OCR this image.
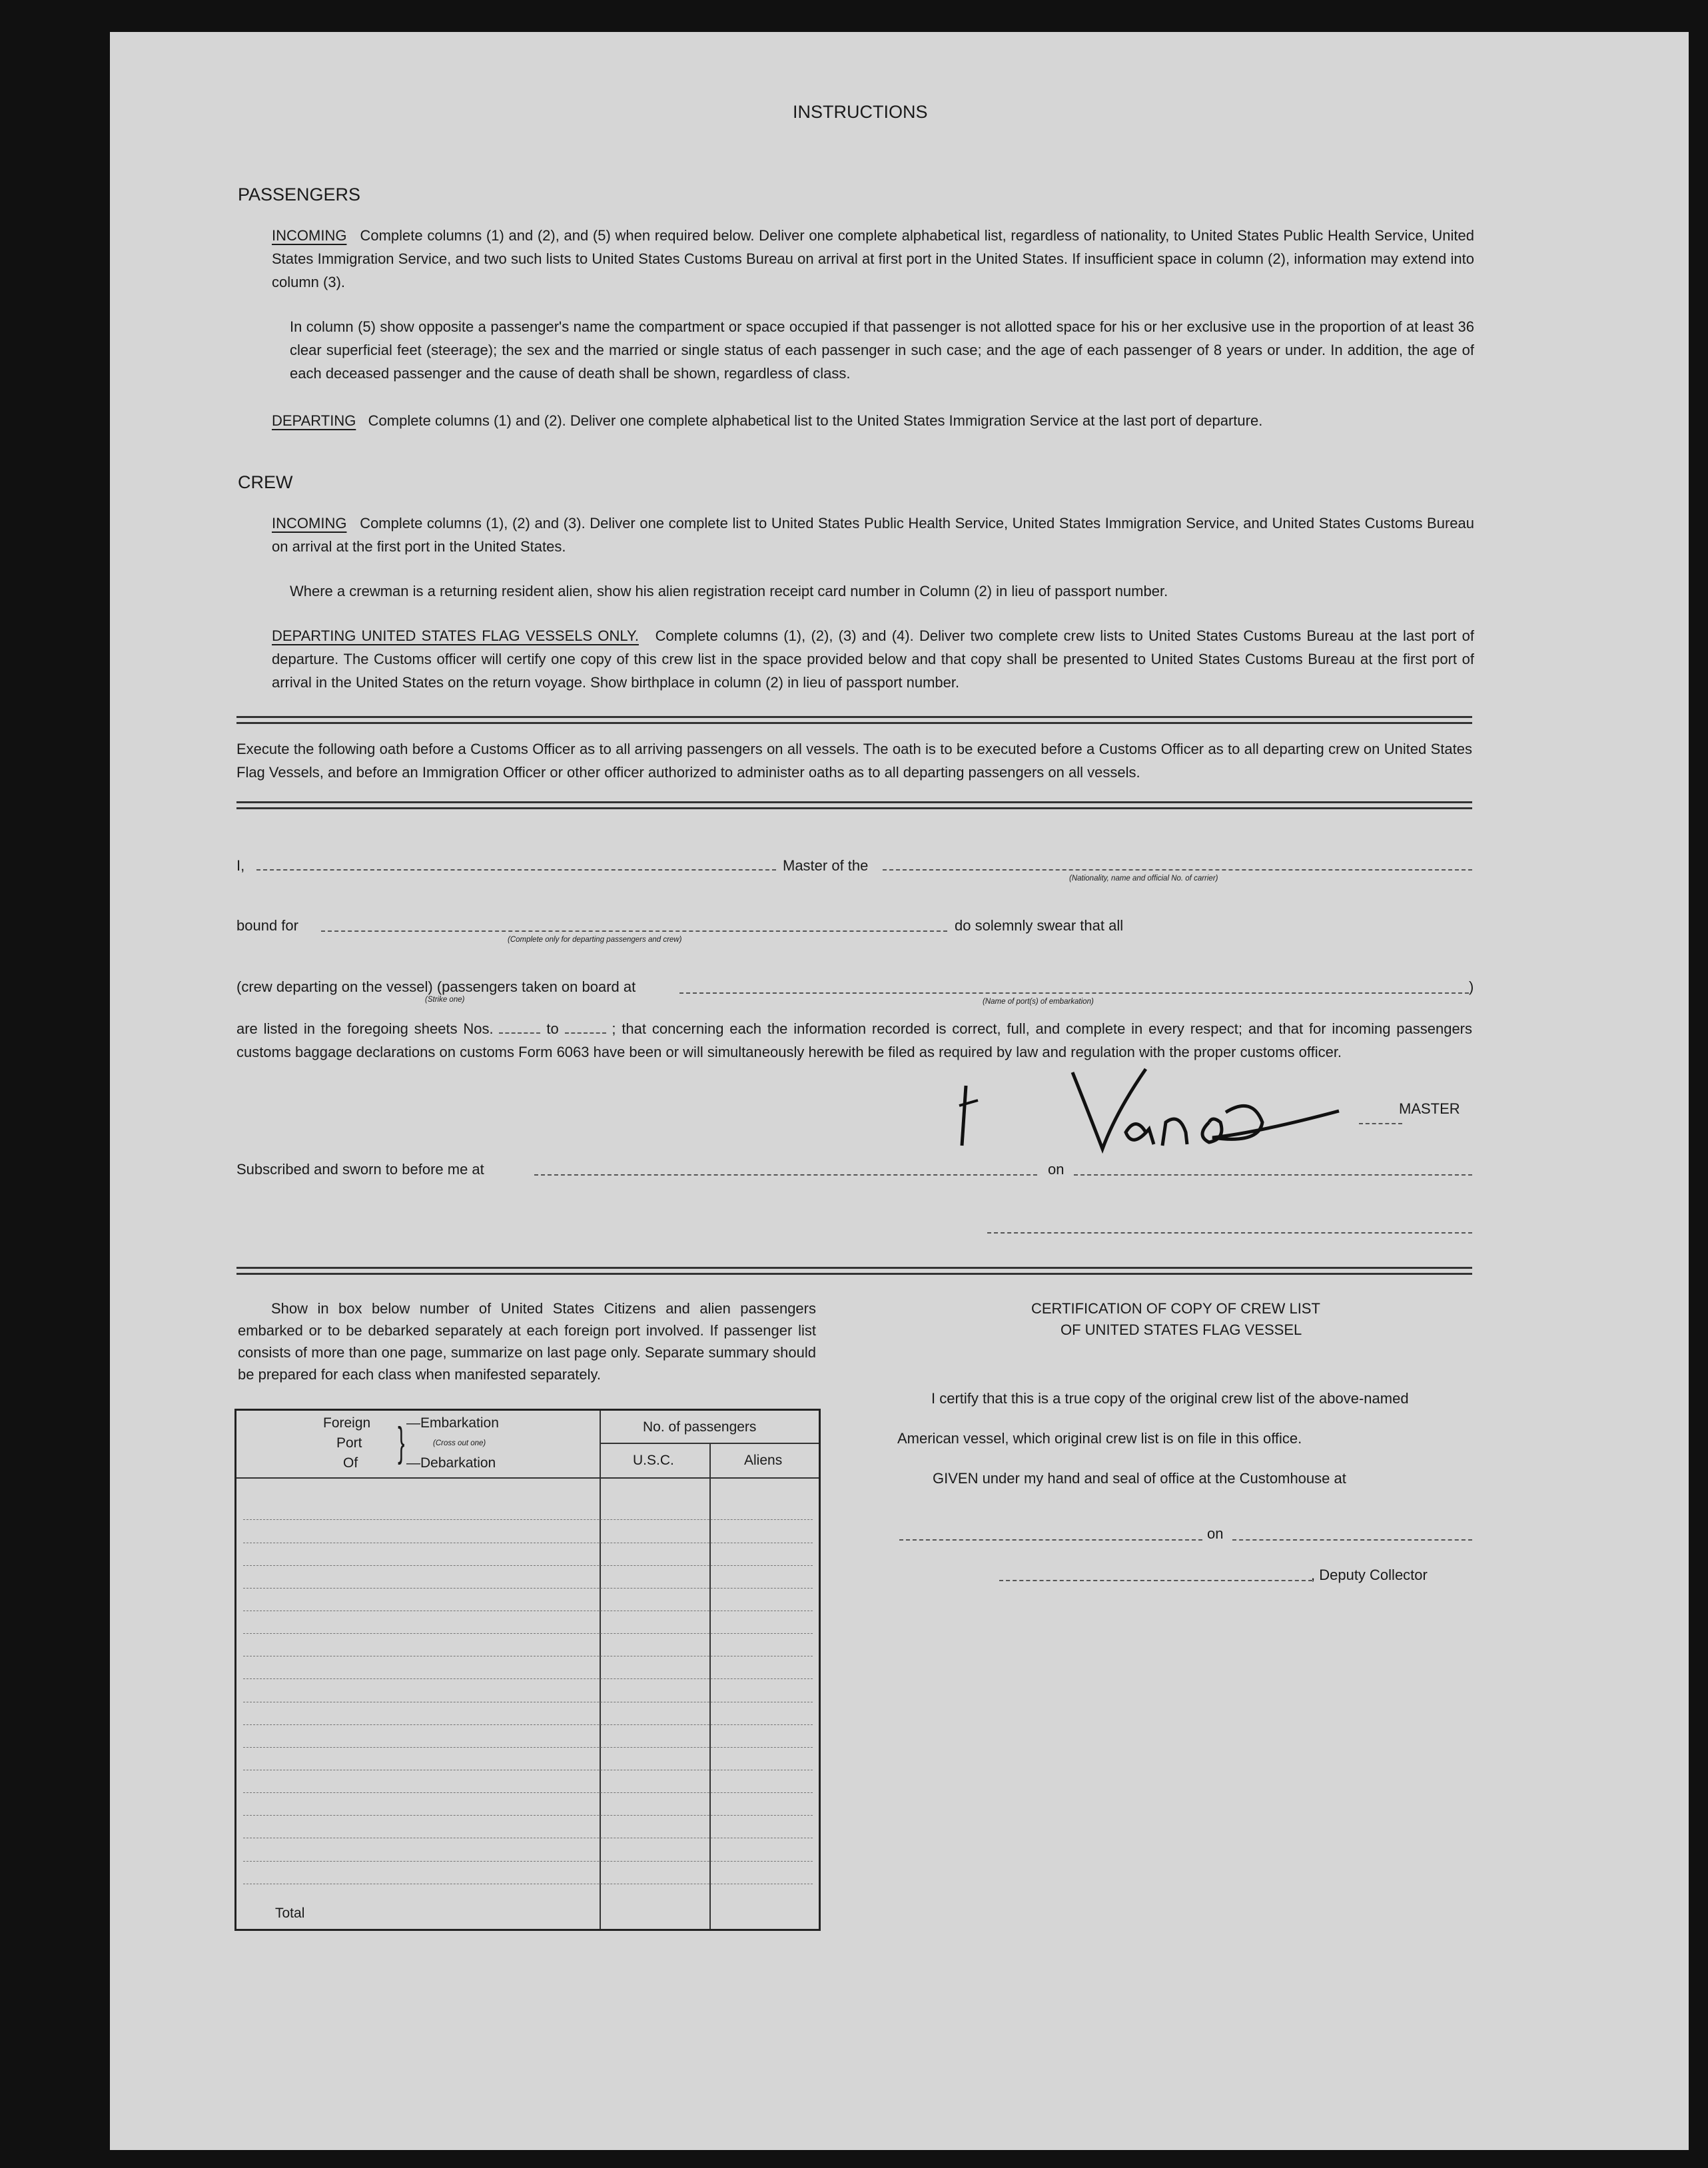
INSTRUCTIONS
PASSENGERS
INCOMING Complete columns (1) and (2), and (5) when required below. Deliver one complete alphabetical list, regardless of nationality, to United States Public Health Service, United States Immigration Service, and two such lists to United States Customs Bureau on arrival at first port in the United States. If insufficient space in column (2), information may extend into column (3).
In column (5) show opposite a passenger's name the compartment or space occupied if that passenger is not allotted space for his or her exclusive use in the proportion of at least 36 clear superficial feet (steerage); the sex and the married or single status of each passenger in such case; and the age of each passenger of 8 years or under. In addition, the age of each deceased passenger and the cause of death shall be shown, regardless of class.
DEPARTING Complete columns (1) and (2). Deliver one complete alphabetical list to the United States Immigration Service at the last port of departure.
CREW
INCOMING Complete columns (1), (2) and (3). Deliver one complete list to United States Public Health Service, United States Immigration Service, and United States Customs Bureau on arrival at the first port in the United States.
Where a crewman is a returning resident alien, show his alien registration receipt card number in Column (2) in lieu of passport number.
DEPARTING UNITED STATES FLAG VESSELS ONLY. Complete columns (1), (2), (3) and (4). Deliver two complete crew lists to United States Customs Bureau at the last port of departure. The Customs officer will certify one copy of this crew list in the space provided below and that copy shall be presented to United States Customs Bureau at the first port of arrival in the United States on the return voyage. Show birthplace in column (2) in lieu of passport number.
Execute the following oath before a Customs Officer as to all arriving passengers on all vessels. The oath is to be executed before a Customs Officer as to all departing crew on United States Flag Vessels, and before an Immigration Officer or other officer authorized to administer oaths as to all departing passengers on all vessels.
I,	Master of the
(Nationality, name and official No. of carrier)
bound for
(Complete only for departing passengers and crew)
do solemnly swear that all
(crew departing on the vessel) (passengers taken on board at
(Strike one)
)
(Name of port(s) of embarkation)
are listed in the foregoing sheets Nos.	to	; that concerning each the information recorded is correct, full, and complete in every respect; and that for incoming passengers customs baggage declarations on customs Form 6063 have been or will simultaneously herewith be filed as required by law and regulation with the proper customs officer.
MASTER
Subscribed and sworn to before me at	on
Show in box below number of United States Citizens and alien passengers embarked or to be debarked separately at each foreign port involved. If passenger list consists of more than one page, summarize on last page only. Separate summary should be prepared for each class when manifested separately.
Foreign
Port
Of } —Embarkation
(Cross out one)
—Debarkation
No. of passengers
U.S.C.	Aliens
Total
CERTIFICATION OF COPY OF CREW LIST
OF UNITED STATES FLAG VESSEL
I certify that this is a true copy of the original crew list of the above-named
American vessel, which original crew list is on file in this office.
GIVEN under my hand and seal of office at the Customhouse at
on
, Deputy Collector
